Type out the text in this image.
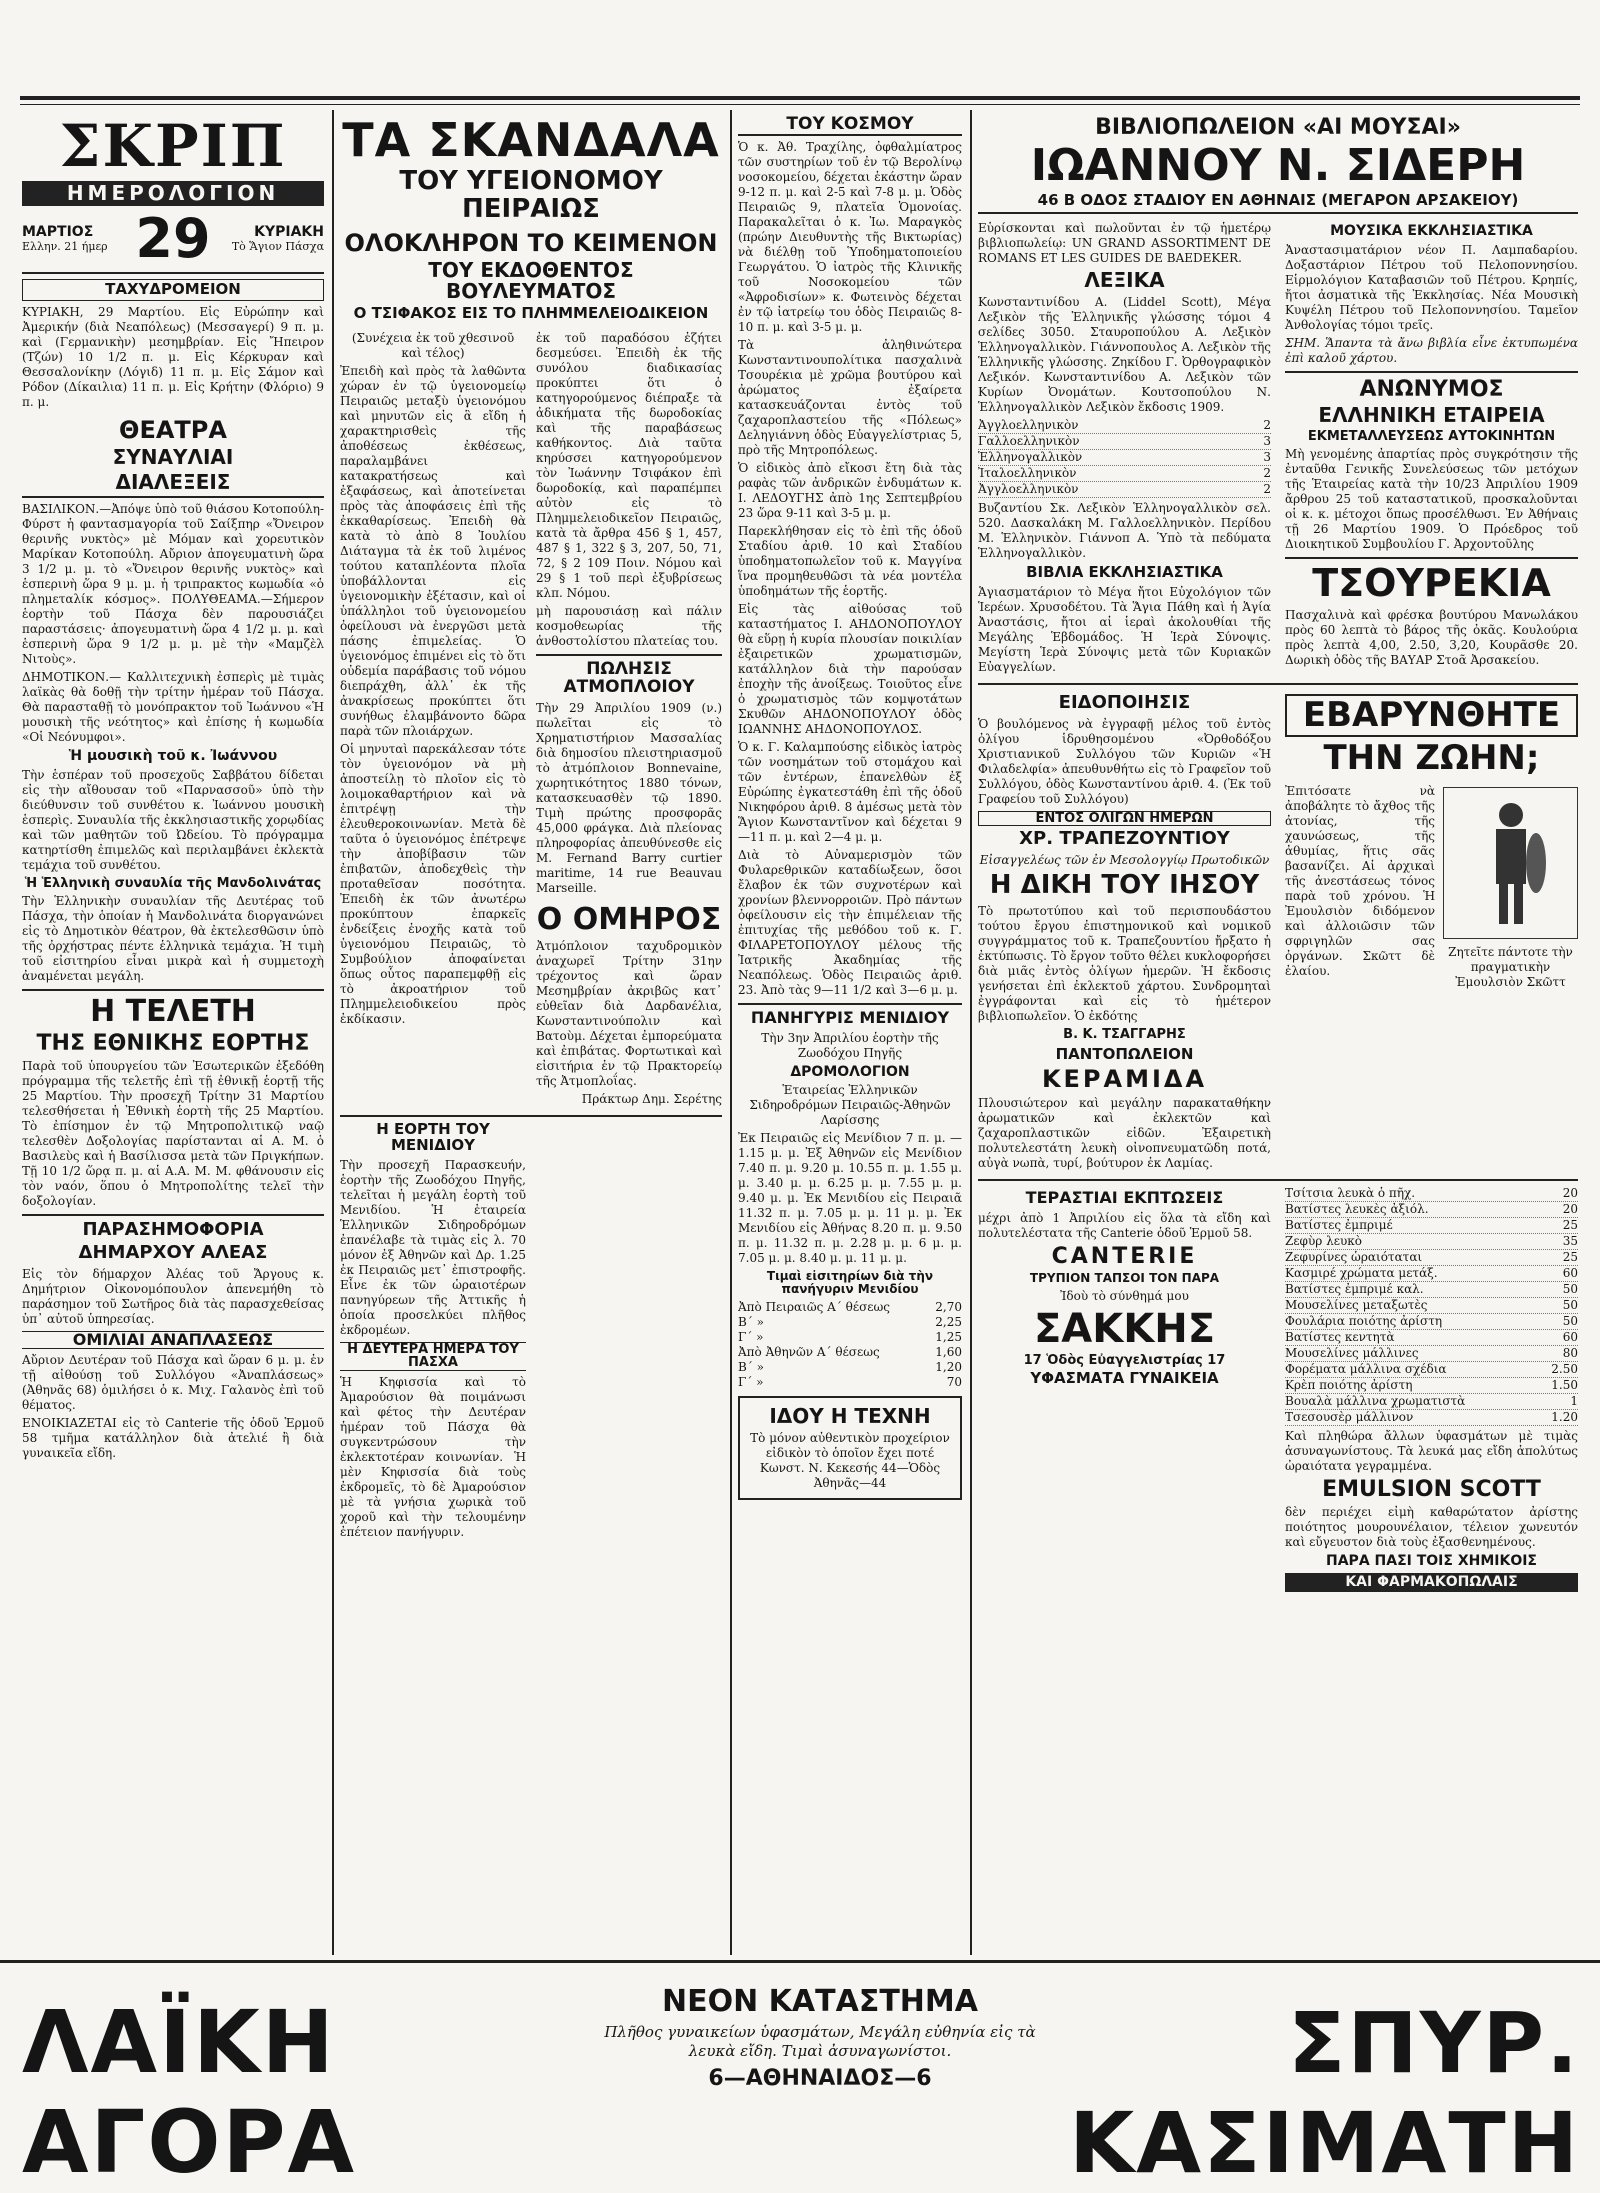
ΣΚΡΙΠ
ΗΜΕΡΟΛΟΓΙΟΝ
ΜΑΡΤΙΟΣ
Ελλην. 21 ήμερ 29	ΚΥΡΙΑΚΗ
Τὸ Ἅγιον Πάσχα
ΤΑΧΥΔΡΟΜΕΙΟΝ

ΚΥΡΙΑΚΗ, 29 Μαρτίου. Εἰς Εὐρώπην καὶ Ἀμερικήν (διὰ Νεαπόλεως) (Μεσσαγερί) 9 π. μ. καὶ (Γερμανικὴν) μεσημβρίαν. Εἰς Ἤπειρον (Τζών) 10 1/2 π. μ. Εἰς Κέρκυραν καὶ Θεσσαλονίκην (Λόγιδ) 11 π. μ. Εἰς Σάμον καὶ Ρόδον (Δίκαιλια) 11 π. μ. Εἰς Κρήτην (Φλόριο) 9 π. μ.

ΘΕΑΤΡΑ
ΣΥΝΑΥΛΙΑΙ
ΔΙΑΛΕΞΕΙΣ

ΒΑΣΙΛΙΚΟΝ.—Ἀπόψε ὑπὸ τοῦ θιάσου Κοτοπούλη-Φύρστ ἡ φαντασμαγορία τοῦ Σαίξπηρ «Ὄνειρον θερινῆς νυκτὸς» μὲ Μόμαν καὶ χορευτικὸν Μαρίκαν Κοτοπούλη. Αὔριον ἀπογευματινὴ ὥρα 3 1/2 μ. μ. τὸ «Ὄνειρον θερινῆς νυκτὸς» καὶ ἑσπερινὴ ὥρα 9 μ. μ. ἡ τριπρακτος κωμωδία «ὁ πλημεταλίκ κόσμος». ΠΟΛΥΘΕΑΜΑ.—Σήμερον ἑορτὴν τοῦ Πάσχα δὲν παρουσιάζει παραστάσεις· ἀπογευματινὴ ὥρα 4 1/2 μ. μ. καὶ ἑσπερινὴ ὥρα 9 1/2 μ. μ. μὲ τὴν «Μαμζὲλ Νιτοὺς».

ΔΗΜΟΤΙΚΟΝ.— Καλλιτεχνικὴ ἐσπερὶς μὲ τιμὰς λαϊκὰς θὰ δοθῇ τὴν τρίτην ἡμέραν τοῦ Πάσχα. Θὰ παρασταθῇ τὸ μονόπρακτον τοῦ Ἰωάννου «Ἡ μουσικὴ τῆς νεότητος» καὶ ἐπίσης ἡ κωμωδία «Οἱ Νεόνυμφοι».

Ἡ μουσικὴ τοῦ κ. Ἰωάννου

Τὴν ἑσπέραν τοῦ προσεχοῦς Σαββάτου δίδεται εἰς τὴν αἴθουσαν τοῦ «Παρνασσοῦ» ὑπὸ τὴν διεύθυνσιν τοῦ συνθέτου κ. Ἰωάννου μουσικὴ ἑσπερὶς. Συναυλία τῆς ἐκκλησιαστικῆς χορῳδίας καὶ τῶν μαθητῶν τοῦ Ὠδείου. Τὸ πρόγραμμα κατηρτίσθη ἐπιμελῶς καὶ περιλαμβάνει ἐκλεκτὰ τεμάχια τοῦ συνθέτου.

Ἡ Ἑλληνικὴ συναυλία τῆς Μανδολινάτας

Τὴν Ἑλληνικὴν συναυλίαν τῆς Δευτέρας τοῦ Πάσχα, τὴν ὁποίαν ἡ Μανδολινάτα διοργανώνει εἰς τὸ Δημοτικὸν θέατρον, θὰ ἐκτελεσθῶσιν ὑπὸ τῆς ὀρχήστρας πέντε ἑλληνικὰ τεμάχια. Ἡ τιμὴ τοῦ εἰσιτηρίου εἶναι μικρὰ καὶ ἡ συμμετοχὴ ἀναμένεται μεγάλη.

Η ΤΕΛΕΤΗ
ΤΗΣ ΕΘΝΙΚΗΣ ΕΟΡΤΗΣ

Παρὰ τοῦ ὑπουργείου τῶν Ἐσωτερικῶν ἐξεδόθη πρόγραμμα τῆς τελετῆς ἐπὶ τῇ ἐθνικῇ ἑορτῇ τῆς 25 Μαρτίου. Τὴν προσεχῆ Τρίτην 31 Μαρτίου τελεσθήσεται ἡ Ἐθνικὴ ἑορτὴ τῆς 25 Μαρτίου. Τὸ ἐπίσημον ἐν τῷ Μητροπολιτικῷ ναῷ τελεσθὲν Δοξολογίας παρίστανται αἱ Α. Μ. ὁ Βασιλεὺς καὶ ἡ Βασίλισσα μετὰ τῶν Πριγκήπων. Τῇ 10 1/2 ὥρᾳ π. μ. αἱ Α.Α. Μ. Μ. φθάνουσιν εἰς τὸν ναόν, ὅπου ὁ Μητροπολίτης τελεῖ τὴν δοξολογίαν.

ΠΑΡΑΣΗΜΟΦΟΡΙΑ
ΔΗΜΑΡΧΟΥ ΑΛΕΑΣ

Εἰς τὸν δήμαρχον Ἀλέας τοῦ Ἄργους κ. Δημήτριον Οἰκονομόπουλον ἀπενεμήθη τὸ παράσημον τοῦ Σωτῆρος διὰ τὰς παρασχεθείσας ὑπ᾽ αὐτοῦ ὑπηρεσίας.

ΟΜΙΛΙΑΙ ΑΝΑΠΛΑΣΕΩΣ

Αὔριον Δευτέραν τοῦ Πάσχα καὶ ὥραν 6 μ. μ. ἐν τῇ αἰθούσῃ τοῦ Συλλόγου «Ἀναπλάσεως» (Ἀθηνᾶς 68) ὁμιλήσει ὁ κ. Μιχ. Γαλανὸς ἐπὶ τοῦ θέματος.

ΕΝΟΙΚΙΑΖΕΤΑΙ εἰς τὸ Canterie τῆς ὁδοῦ Ἑρμοῦ 58 τμῆμα κατάλληλον διὰ ἀτελιέ ἢ διὰ γυναικεῖα εἴδη.

ΤΑ ΣΚΑΝΔΑΛΑ
ΤΟΥ ΥΓΕΙΟΝΟΜΟΥ ΠΕΙΡΑΙΩΣ
ΟΛΟΚΛΗΡΟΝ ΤΟ ΚΕΙΜΕΝΟΝ
ΤΟΥ ΕΚΔΟΘΕΝΤΟΣ ΒΟΥΛΕΥΜΑΤΟΣ
Ο ΤΣΙΦΑΚΟΣ ΕΙΣ ΤΟ ΠΛΗΜΜΕΛΕΙΟΔΙΚΕΙΟΝ

(Συνέχεια ἐκ τοῦ χθεσινοῦ καὶ τέλος)

Ἐπειδὴ καὶ πρὸς τὰ λαθῶντα χώραν ἐν τῷ ὑγειονομείῳ Πειραιῶς μεταξὺ ὑγειονόμου καὶ μηνυτῶν εἰς ἃ εἴδη ἡ χαρακτηρισθεὶς τῆς ἀποθέσεως ἐκθέσεως, παραλαμβάνει κατακρατήσεως καὶ ἐξαφάσεως, καὶ ἀποτείνεται πρὸς τὰς ἀποφάσεις ἐπὶ τῆς ἐκκαθαρίσεως. Ἐπειδὴ θὰ κατὰ τὸ ἀπὸ 8 Ἰουλίου Διάταγμα τὰ ἐκ τοῦ λιμένος τούτου καταπλέοντα πλοῖα ὑποβάλλονται εἰς ὑγειονομικὴν ἐξέτασιν, καὶ οἱ ὑπάλληλοι τοῦ ὑγειονομείου ὀφείλουσι νὰ ἐνεργῶσι μετὰ πάσης ἐπιμελείας. Ὁ ὑγειονόμος ἐπιμένει εἰς τὸ ὅτι οὐδεμία παράβασις τοῦ νόμου διεπράχθη, ἀλλ᾽ ἐκ τῆς ἀνακρίσεως προκύπτει ὅτι συνήθως ἐλαμβάνοντο δῶρα παρὰ τῶν πλοιάρχων.

Οἱ μηνυταὶ παρεκάλεσαν τότε τὸν ὑγειονόμον νὰ μὴ ἀποστείλῃ τὸ πλοῖον εἰς τὸ λοιμοκαθαρτήριον καὶ νὰ ἐπιτρέψῃ τὴν ἐλευθεροκοινωνίαν. Μετὰ δὲ ταῦτα ὁ ὑγειονόμος ἐπέτρεψε τὴν ἀποβίβασιν τῶν ἐπιβατῶν, ἀποδεχθεὶς τὴν προταθεῖσαν ποσότητα. Ἐπειδὴ ἐκ τῶν ἀνωτέρω προκύπτουν ἐπαρκεῖς ἐνδείξεις ἐνοχῆς κατὰ τοῦ ὑγειονόμου Πειραιῶς, τὸ Συμβούλιον ἀποφαίνεται ὅπως οὗτος παραπεμφθῇ εἰς τὸ ἀκροατήριον τοῦ Πλημμελειοδικείου πρὸς ἐκδίκασιν.

ἐκ τοῦ παραδόσου ἐζήτει δεσμεύσει. Ἐπειδὴ ἐκ τῆς συνόλου διαδικασίας προκύπτει ὅτι ὁ κατηγορούμενος διέπραξε τὰ ἀδικήματα τῆς δωροδοκίας καὶ τῆς παραβάσεως καθήκοντος. Διὰ ταῦτα κηρύσσει κατηγορούμενον τὸν Ἰωάννην Τσιφάκον ἐπὶ δωροδοκίᾳ, καὶ παραπέμπει αὐτὸν εἰς τὸ Πλημμελειοδικεῖον Πειραιῶς, κατὰ τὰ ἄρθρα 456 § 1, 457, 487 § 1, 322 § 3, 207, 50, 71, 72, § 2 109 Ποιν. Νόμου καὶ 29 § 1 τοῦ περὶ ἐξυβρίσεως κλπ. Νόμου.

μὴ παρουσιάσῃ καὶ πάλιν κοσμοθεωρίας τῆς ἀνθοστολίστου πλατείας του.

ΠΩΛΗΣΙΣ ΑΤΜΟΠΛΟΙΟΥ

Τὴν 29 Ἀπριλίου 1909 (ν.) πωλεῖται εἰς τὸ Χρηματιστήριον Μασσαλίας διὰ δημοσίου πλειστηριασμοῦ τὸ ἀτμόπλοιον Bonnevaine, χωρητικότητος 1880 τόνων, κατασκευασθὲν τῷ 1890. Τιμὴ πρώτης προσφορᾶς 45,000 φράγκα. Διὰ πλείονας πληροφορίας ἀπευθύνεσθε εἰς M. Fernand Barry curtier maritime, 14 rue Beauvau Marseille.

Ο ΟΜΗΡΟΣ

Ἀτμόπλοιον ταχυδρομικὸν ἀναχωρεῖ Τρίτην 31ην τρέχοντος καὶ ὥραν Μεσημβρίαν ἀκριβῶς κατ᾽ εὐθεῖαν διὰ Δαρδανέλια, Κωνσταντινούπολιν καὶ Βατοὺμ. Δέχεται ἐμπορεύματα καὶ ἐπιβάτας. Φορτωτικαὶ καὶ εἰσιτήρια ἐν τῷ Πρακτορείῳ τῆς Ἀτμοπλοΐας.

Πράκτωρ Δημ. Σερέτης

Η ΕΟΡΤΗ ΤΟΥ ΜΕΝΙΔΙΟΥ

Τὴν προσεχῆ Παρασκευήν, ἑορτὴν τῆς Ζωοδόχου Πηγῆς, τελεῖται ἡ μεγάλη ἑορτὴ τοῦ Μενιδίου. Ἡ ἑταιρεία Ἑλληνικῶν Σιδηροδρόμων ἐπανέλαβε τὰ τιμὰς εἰς λ. 70 μόνον ἐξ Ἀθηνῶν καὶ Δρ. 1.25 ἐκ Πειραιῶς μετ᾽ ἐπιστροφῆς. Εἶνε ἐκ τῶν ὡραιοτέρων πανηγύρεων τῆς Ἀττικῆς ἡ ὁποία προσελκύει πλῆθος ἐκδρομέων.

Η ΔΕΥΤΕΡΑ ΗΜΕΡΑ ΤΟΥ ΠΑΣΧΑ

Ἡ Κηφισσία καὶ τὸ Ἀμαρούσιον θὰ ποιμάνωσι καὶ φέτος τὴν Δευτέραν ἡμέραν τοῦ Πάσχα θὰ συγκεντρώσουν τὴν ἐκλεκτοτέραν κοινωνίαν. Ἡ μὲν Κηφισσία διὰ τοὺς ἐκδρομεῖς, τὸ δὲ Ἀμαρούσιον μὲ τὰ γνήσια χωρικὰ τοῦ χοροῦ καὶ τὴν τελουμένην ἐπέτειον πανήγυριν.

ΤΟΥ ΚΟΣΜΟΥ

Ὁ κ. Ἀθ. Τραχίλης, ὀφθαλμίατρος τῶν συστηρίων τοῦ ἐν τῷ Βερολίνῳ νοσοκομείου, δέχεται ἑκάστην ὥραν 9-12 π. μ. καὶ 2-5 καὶ 7-8 μ. μ. Ὁδὸς Πειραιῶς 9, πλατεῖα Ὁμονοίας. Παρακαλεῖται ὁ κ. Ἰω. Μαραγκὸς (πρώην Διευθυντὴς τῆς Βικτωρίας) νὰ διέλθῃ τοῦ Ὑποδηματοποιείου Γεωργάτου. Ὁ ἰατρὸς τῆς Κλινικῆς τοῦ Νοσοκομείου τῶν «Ἀφροδισίων» κ. Φωτεινὸς δέχεται ἐν τῷ ἰατρείῳ του ὁδὸς Πειραιῶς 8-10 π. μ. καὶ 3-5 μ. μ.

Τὰ ἀληθινώτερα Κωνσταντινουπολίτικα πασχαλινὰ Τσουρέκια μὲ χρῶμα βουτύρου καὶ ἀρώματος ἐξαίρετα κατασκευάζονται ἐντὸς τοῦ ζαχαροπλαστείου τῆς «Πόλεως» Δεληγιάννη ὁδὸς Εὐαγγελίστριας 5, πρὸ τῆς Μητροπόλεως.

Ὁ εἰδικὸς ἀπὸ εἴκοσι ἔτη διὰ τὰς ραφὰς τῶν ἀνδρικῶν ἐνδυμάτων κ. Ι. ΛΕΔΟΥΓΗΣ ἀπὸ 1ης Σεπτεμβρίου 23 ὥρα 9-11 καὶ 3-5 μ. μ.

Παρεκλήθησαν εἰς τὸ ἐπὶ τῆς ὁδοῦ Σταδίου ἀριθ. 10 καὶ Σταδίου ὑποδηματοπωλεῖον τοῦ κ. Μαγγίνα ἵνα προμηθευθῶσι τὰ νέα μοντέλα ὑποδημάτων τῆς ἑορτῆς.

Εἰς τὰς αἰθούσας τοῦ καταστήματος Ι. ΑΗΔΟΝΟΠΟΥΛΟΥ θὰ εὕρῃ ἡ κυρία πλουσίαν ποικιλίαν ἐξαιρετικῶν χρωματισμῶν, κατάλληλον διὰ τὴν παρούσαν ἐποχὴν τῆς ἀνοίξεως. Τοιοῦτος εἶνε ὁ χρωματισμὸς τῶν κομψοτάτων Σκυθῶν ΑΗΔΟΝΟΠΟΥΛΟΥ ὁδὸς ΙΩΑΝΝΗΣ ΑΗΔΟΝΟΠΟΥΛΟΣ.

Ὁ κ. Γ. Καλαμπούσης εἰδικὸς ἰατρὸς τῶν νοσημάτων τοῦ στομάχου καὶ τῶν ἐντέρων, ἐπανελθὼν ἐξ Εὐρώπης ἐγκατεστάθη ἐπὶ τῆς ὁδοῦ Νικηφόρου ἀριθ. 8 ἀμέσως μετὰ τὸν Ἅγιον Κωνσταντῖνον καὶ δέχεται 9—11 π. μ. καὶ 2—4 μ. μ.

Διὰ τὸ Αὐναμερισμὸν τῶν Φυλαρεθρικῶν καταδίωξεων, ὅσοι ἔλαβον ἐκ τῶν συχνοτέρων καὶ χρονίων βλεννορροιῶν. Πρὸ πάντων ὀφείλουσιν εἰς τὴν ἐπιμέλειαν τῆς ἐπιτυχίας τῆς μεθόδου τοῦ κ. Γ. ΦΙΛΑΡΕΤΟΠΟΥΛΟΥ μέλους τῆς Ἰατρικῆς Ἀκαδημίας τῆς Νεαπόλεως. Ὁδὸς Πειραιῶς ἀριθ. 23. Ἀπὸ τὰς 9—11 1/2 καὶ 3—6 μ. μ.

ΠΑΝΗΓΥΡΙΣ ΜΕΝΙΔΙΟΥ

Τὴν 3ην Ἀπριλίου ἑορτὴν τῆς Ζωοδόχου Πηγῆς

ΔΡΟΜΟΛΟΓΙΟΝ

Ἑταιρείας Ἑλληνικῶν Σιδηροδρόμων Πειραιῶς-Ἀθηνῶν Λαρίσσης

Ἐκ Πειραιῶς εἰς Μενίδιον 7 π. μ. — 1.15 μ. μ. Ἐξ Ἀθηνῶν εἰς Μενίδιον 7.40 π. μ. 9.20 μ. 10.55 π. μ. 1.55 μ. μ. 3.40 μ. μ. 6.25 μ. μ. 7.55 μ. μ. 9.40 μ. μ. Ἐκ Μενιδίου εἰς Πειραιᾶ 11.32 π. μ. 7.05 μ. μ. 11 μ. μ. Ἐκ Μενιδίου εἰς Ἀθήνας 8.20 π. μ. 9.50 π. μ. 11.32 π. μ. 2.28 μ. μ. 6 μ. μ. 7.05 μ. μ. 8.40 μ. μ. 11 μ. μ.

Τιμαὶ εἰσιτηρίων διὰ τὴν πανήγυριν Μενιδίου
Ἀπὸ Πειραιῶς Α΄ θέσεως	2,70
Β΄ »	2,25
Γ΄ »	1,25
Ἀπὸ Ἀθηνῶν Α΄ θέσεως	1,60
Β΄ »	1,20
Γ΄ »	70
ΙΔΟΥ Η ΤΕΧΝΗ

Τὸ μόνον αὐθεντικὸν προχείριον εἰδικὸν τὸ ὁποῖον ἔχει ποτέ Κωνστ. Ν. Κεκεσής 44—Ὁδὸς Ἀθηνᾶς—44

ΒΙΒΛΙΟΠΩΛΕΙΟΝ «ΑΙ ΜΟΥΣΑΙ»
ΙΩΑΝΝΟΥ Ν. ΣΙΔΕΡΗ
46 Β ΟΔΟΣ ΣΤΑΔΙΟΥ ΕΝ ΑΘΗΝΑΙΣ (ΜΕΓΑΡΟΝ ΑΡΣΑΚΕΙΟΥ)

Εὑρίσκονται καὶ πωλοῦνται ἐν τῷ ἡμετέρῳ βιβλιοπωλείῳ: UN GRAND ASSORTIMENT DE ROMANS ET LES GUIDES DE BAEDEKER.

ΛΕΞΙΚΑ

Κωνσταντινίδου Α. (Liddel Scott), Μέγα Λεξικὸν τῆς Ἑλληνικῆς γλώσσης τόμοι 4 σελίδες 3050. Σταυροπούλου Α. Λεξικὸν Ἑλληνογαλλικὸν. Γιάννοπουλος Α. Λεξικὸν τῆς Ἑλληνικῆς γλώσσης. Ζηκίδου Γ. Ὀρθογραφικὸν Λεξικόν. Κωνσταντινίδου Α. Λεξικὸν τῶν Κυρίων Ὀνομάτων. Κουτσοπούλου Ν. Ἑλληνογαλλικὸν Λεξικὸν ἔκδοσις 1909.

Ἀγγλοελληνικὸν	2
Γαλλοελληνικὸν	3
Ἑλληνογαλλικὸν	3
Ἰταλοελληνικὸν	2
Ἀγγλοελληνικὸν	2

Βυζαντίου Σκ. Λεξικὸν Ἑλληνογαλλικὸν σελ. 520. Δασκαλάκη Μ. Γαλλοελληνικὸν. Περίδου Μ. Ἑλληνικὸν. Γιάννοπ Α. Ὑπὸ τὰ πεδύματα Ἑλληνογαλλικὸν.

ΒΙΒΛΙΑ ΕΚΚΛΗΣΙΑΣΤΙΚΑ

Ἁγιασματάριον τὸ Μέγα ἤτοι Εὐχολόγιον τῶν Ἱερέων. Χρυσοδέτου. Τὰ Ἅγια Πάθη καὶ ἡ Ἁγία Ἀναστάσις, ἤτοι αἱ ἱεραὶ ἀκολουθίαι τῆς Μεγάλης Ἑβδομάδος. Ἡ Ἱερὰ Σύνοψις. Μεγίστη Ἱερὰ Σύνοψις μετὰ τῶν Κυριακῶν Εὐαγγελίων.

ΜΟΥΣΙΚΑ ΕΚΚΛΗΣΙΑΣΤΙΚΑ

Ἀναστασιματάριον νέον Π. Λαμπαδαρίου. Δοξαστάριον Πέτρου τοῦ Πελοποννησίου. Εἱρμολόγιον Καταβασιῶν τοῦ Πέτρου. Κρηπίς, ἤτοι ἀσματικὰ τῆς Ἐκκλησίας. Νέα Μουσικὴ Κυψέλη Πέτρου τοῦ Πελοποννησίου. Ταμεῖον Ἀνθολογίας τόμοι τρεῖς.

ΣΗΜ. Ἅπαντα τὰ ἄνω βιβλία εἶνε ἐκτυπωμένα ἐπὶ καλοῦ χάρτου.

ΑΝΩΝΥΜΟΣ
ΕΛΛΗΝΙΚΗ ΕΤΑΙΡΕΙΑ
ΕΚΜΕΤΑΛΛΕΥΣΕΩΣ ΑΥΤΟΚΙΝΗΤΩΝ

Μὴ γενομένης ἀπαρτίας πρὸς συγκρότησιν τῆς ἐνταῦθα Γενικῆς Συνελεύσεως τῶν μετόχων τῆς Ἑταιρείας κατὰ τὴν 10/23 Ἀπριλίου 1909 ἄρθρου 25 τοῦ καταστατικοῦ, προσκαλοῦνται οἱ κ. κ. μέτοχοι ὅπως προσέλθωσι. Ἐν Ἀθήναις τῇ 26 Μαρτίου 1909. Ὁ Πρόεδρος τοῦ Διοικητικοῦ Συμβουλίου Γ. Ἀρχοντοῦλης

ΤΣΟΥΡΕΚΙΑ

Πασχαλινὰ καὶ φρέσκα βουτύρου Μανωλάκου πρὸς 60 λεπτὰ τὸ βάρος τῆς ὀκᾶς. Κουλούρια πρὸς λεπτὰ 4,00, 2.50, 3,20, Κουρᾶσθε 20. Δωρικὴ ὁδὸς τῆς ΒΑΥΑΡ Στοᾶ Ἀρσακείου.

ΕΙΔΟΠΟΙΗΣΙΣ

Ὁ βουλόμενος νὰ ἐγγραφῇ μέλος τοῦ ἐντὸς ὀλίγου ἱδρυθησομένου «Ὀρθοδόξου Χριστιανικοῦ Συλλόγου τῶν Κυριῶν «Ἡ Φιλαδελφία» ἀπευθυνθήτω εἰς τὸ Γραφεῖον τοῦ Συλλόγου, ὁδὸς Κωνσταντίνου ἀριθ. 4. (Ἐκ τοῦ Γραφείου τοῦ Συλλόγου)

ΕΝΤΟΣ ΟΛΙΓΩΝ ΗΜΕΡΩΝ
ΧΡ. ΤΡΑΠΕΖΟΥΝΤΙΟΥ

Εἰσαγγελέως τῶν ἐν Μεσολογγίῳ Πρωτοδικῶν

Η ΔΙΚΗ ΤΟΥ ΙΗΣΟΥ

Τὸ πρωτοτύπου καὶ τοῦ περισπουδάστου τούτου ἔργου ἐπιστημονικοῦ καὶ νομικοῦ συγγράμματος τοῦ κ. Τραπεζουντίου ἤρξατο ἡ ἐκτύπωσις. Τὸ ἔργον τοῦτο θέλει κυκλοφορήσει διὰ μιᾶς ἐντὸς ὀλίγων ἡμερῶν. Ἡ ἔκδοσις γενήσεται ἐπὶ ἐκλεκτοῦ χάρτου. Συνδρομηταὶ ἐγγράφονται καὶ εἰς τὸ ἡμέτερον βιβλιοπωλεῖον. Ὁ ἐκδότης

Β. Κ. ΤΣΑΓΓΑΡΗΣ
ΠΑΝΤΟΠΩΛΕΙΟΝ
ΚΕΡΑΜΙΔΑ

Πλουσιώτερον καὶ μεγάλην παρακαταθήκην ἀρωματικῶν καὶ ἐκλεκτῶν καὶ ζαχαροπλαστικῶν εἰδῶν. Ἐξαιρετικὴ πολυτελεστάτη λευκὴ οἰνοπνευματῶδη ποτά, αὐγὰ νωπὰ, τυρί, βούτυρον ἐκ Λαμίας.

ΕΒΑΡΥΝΘΗΤΕ
ΤΗΝ ΖΩΗΝ;

Ἐπιτόσατε νὰ ἀποβάλητε τὸ ἄχθος τῆς ἀτονίας, τῆς χαυνώσεως, τῆς ἀθυμίας, ἥτις σᾶς βασανίζει. Αἱ ἀρχικαὶ τῆς ἀνεστάσεως τόνος παρὰ τοῦ χρόνου. Ἡ Ἐμουλσιὸν διδόμενον καὶ ἀλλοιῶσιν τῶν σφριγηλῶν σας ὀργάνων. Σκῶττ δὲ ἐλαίου.

Ζητεῖτε πάντοτε τὴν πραγματικὴν Ἐμουλσιὸν Σκῶττ

ΤΕΡΑΣΤΙΑΙ ΕΚΠΤΩΣΕΙΣ

μέχρι ἀπὸ 1 Ἀπριλίου εἰς ὅλα τὰ εἴδη καὶ πολυτελέστατα τῆς Canterie ὁδοῦ Ἑρμοῦ 58.

CANTERIE
ΤΡΥΠΙΟΝ ΤΑΠΣΟΙ ΤΟΝ ΠΑΡΑ

Ἰδοὺ τὸ σύνθημά μου

ΣΑΚΚΗΣ
17 Ὁδὸς Εὐαγγελιστρίας 17
ΥΦΑΣΜΑΤΑ ΓΥΝΑΙΚΕΙΑ
Τσίτσια λευκὰ ὁ πῆχ.	20
Βατίστες λευκὲς ἀξιόλ.	20
Βατίστες ἐμπριμέ	25
Ζεφὺρ λευκὸ	35
Ζεφυρίνες ὡραιόταται	25
Κασμιρέ χρώματα μετάξ.	60
Βατίστες ἐμπριμέ καλ.	50
Μουσελίνες μεταξωτὲς	50
Φουλάρια ποιότης ἀρίστη	50
Βατίστες κεντητὰ	60
Μουσελίνες μάλλινες	80
Φορέματα μάλλινα σχέδια	2.50
Κρὲπ ποιότης ἀρίστη	1.50
Βουαλὰ μάλλινα χρωματιστὰ	1
Τσεσουσὲρ μάλλινον	1.20

Καὶ πληθώρα ἄλλων ὑφασμάτων μὲ τιμὰς ἀσυναγωνίστους. Τὰ λευκά μας εἴδη ἀπολύτως ὠραιότατα γεγραμμένα.

EMULSION SCOTT

δὲν περιέχει εἰμὴ καθαρώτατον ἀρίστης ποιότητος μουρουνέλαιον, τέλειον χωνευτόν καὶ εὔγευστον διὰ τοὺς ἐξασθενημένους.

ΠΑΡΑ ΠΑΣΙ ΤΟΙΣ ΧΗΜΙΚΟΙΣ
ΚΑΙ ΦΑΡΜΑΚΟΠΩΛΑΙΣ
ΛΑΪΚΗ ΑΓΟΡΑ
ΝΕΟΝ ΚΑΤΑΣΤΗΜΑ
Πλῆθος γυναικείων ὑφασμάτων, Μεγάλη εὐθηνία εἰς τὰ λευκὰ εἴδη. Τιμαὶ ἀσυναγωνίστοι.
6—ΑΘΗΝΑΙΔΟΣ—6	ΣΠΥΡ. ΚΑΣΙΜΑΤΗ
